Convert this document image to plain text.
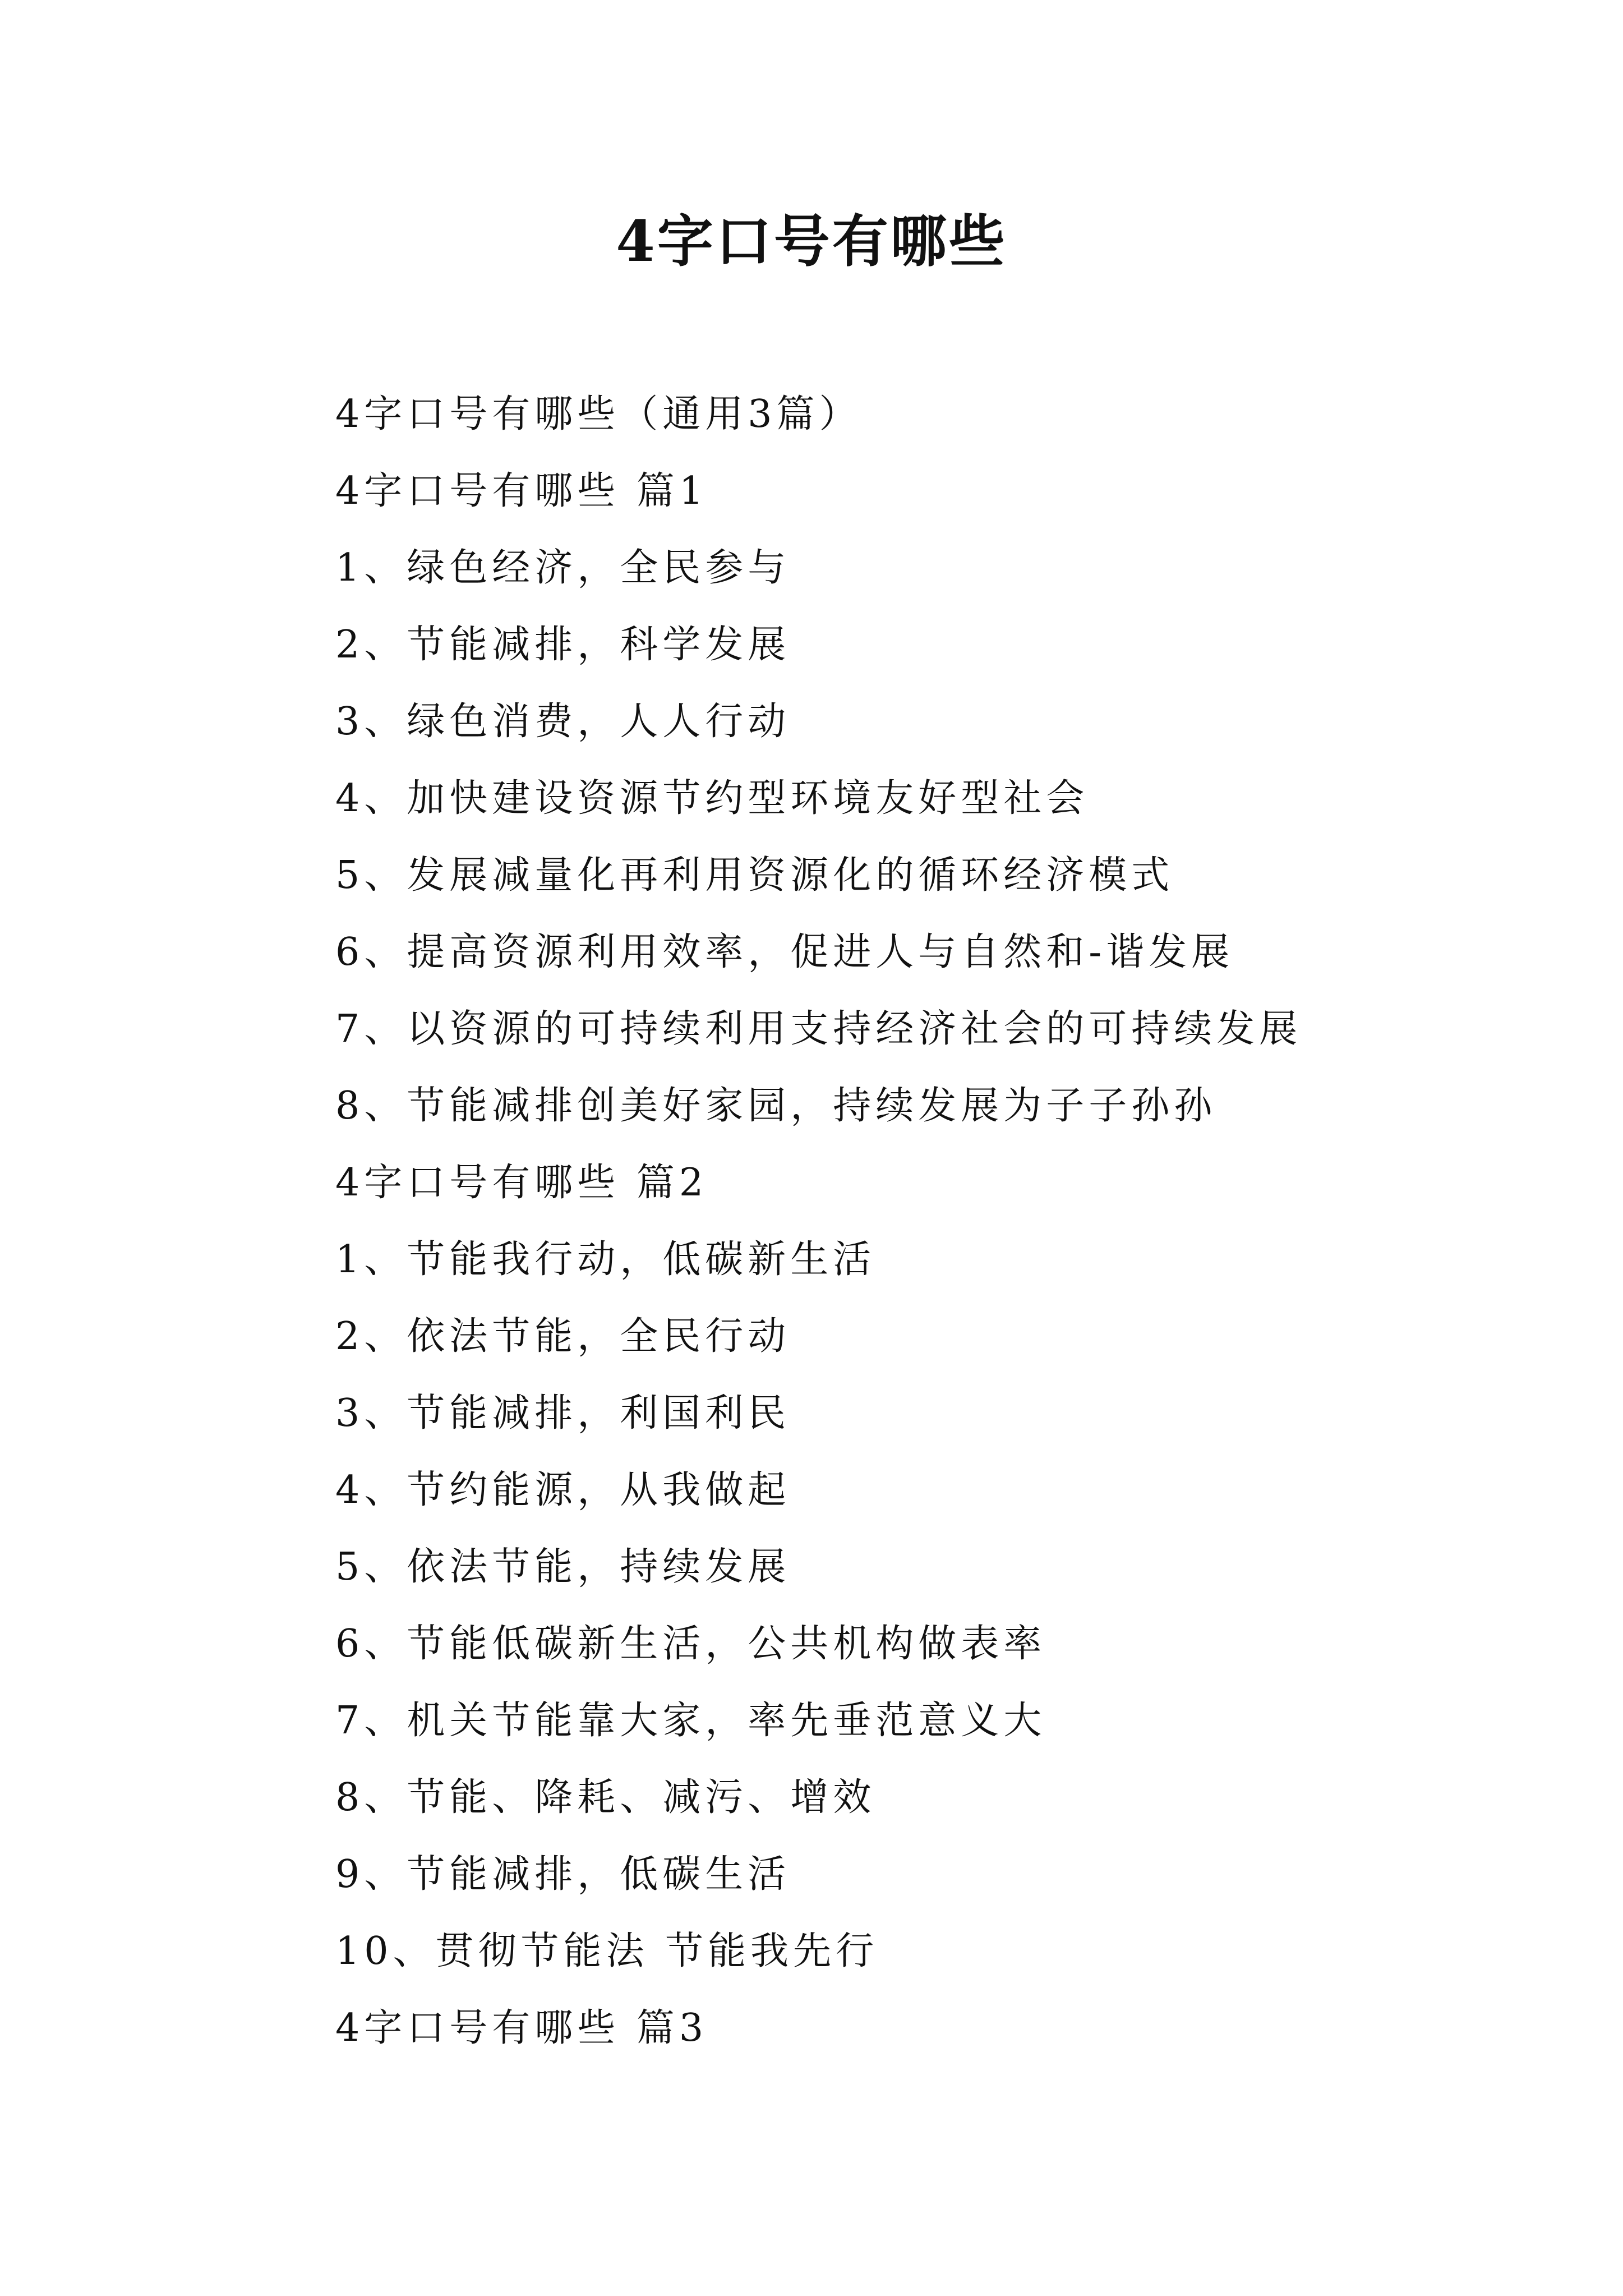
4字口号有哪些
4字口号有哪些（通用3篇）
4字口号有哪些 篇1
1、绿色经济，全民参与
2、节能减排，科学发展
3、绿色消费，人人行动
4、加快建设资源节约型环境友好型社会
5、发展减量化再利用资源化的循环经济模式
6、提高资源利用效率，促进人与自然和-谐发展
7、以资源的可持续利用支持经济社会的可持续发展
8、节能减排创美好家园，持续发展为子子孙孙
4字口号有哪些 篇2
1、节能我行动，低碳新生活
2、依法节能，全民行动
3、节能减排，利国利民
4、节约能源，从我做起
5、依法节能，持续发展
6、节能低碳新生活，公共机构做表率
7、机关节能靠大家，率先垂范意义大
8、节能、降耗、减污、增效
9、节能减排，低碳生活
10、贯彻节能法 节能我先行
4字口号有哪些 篇3
